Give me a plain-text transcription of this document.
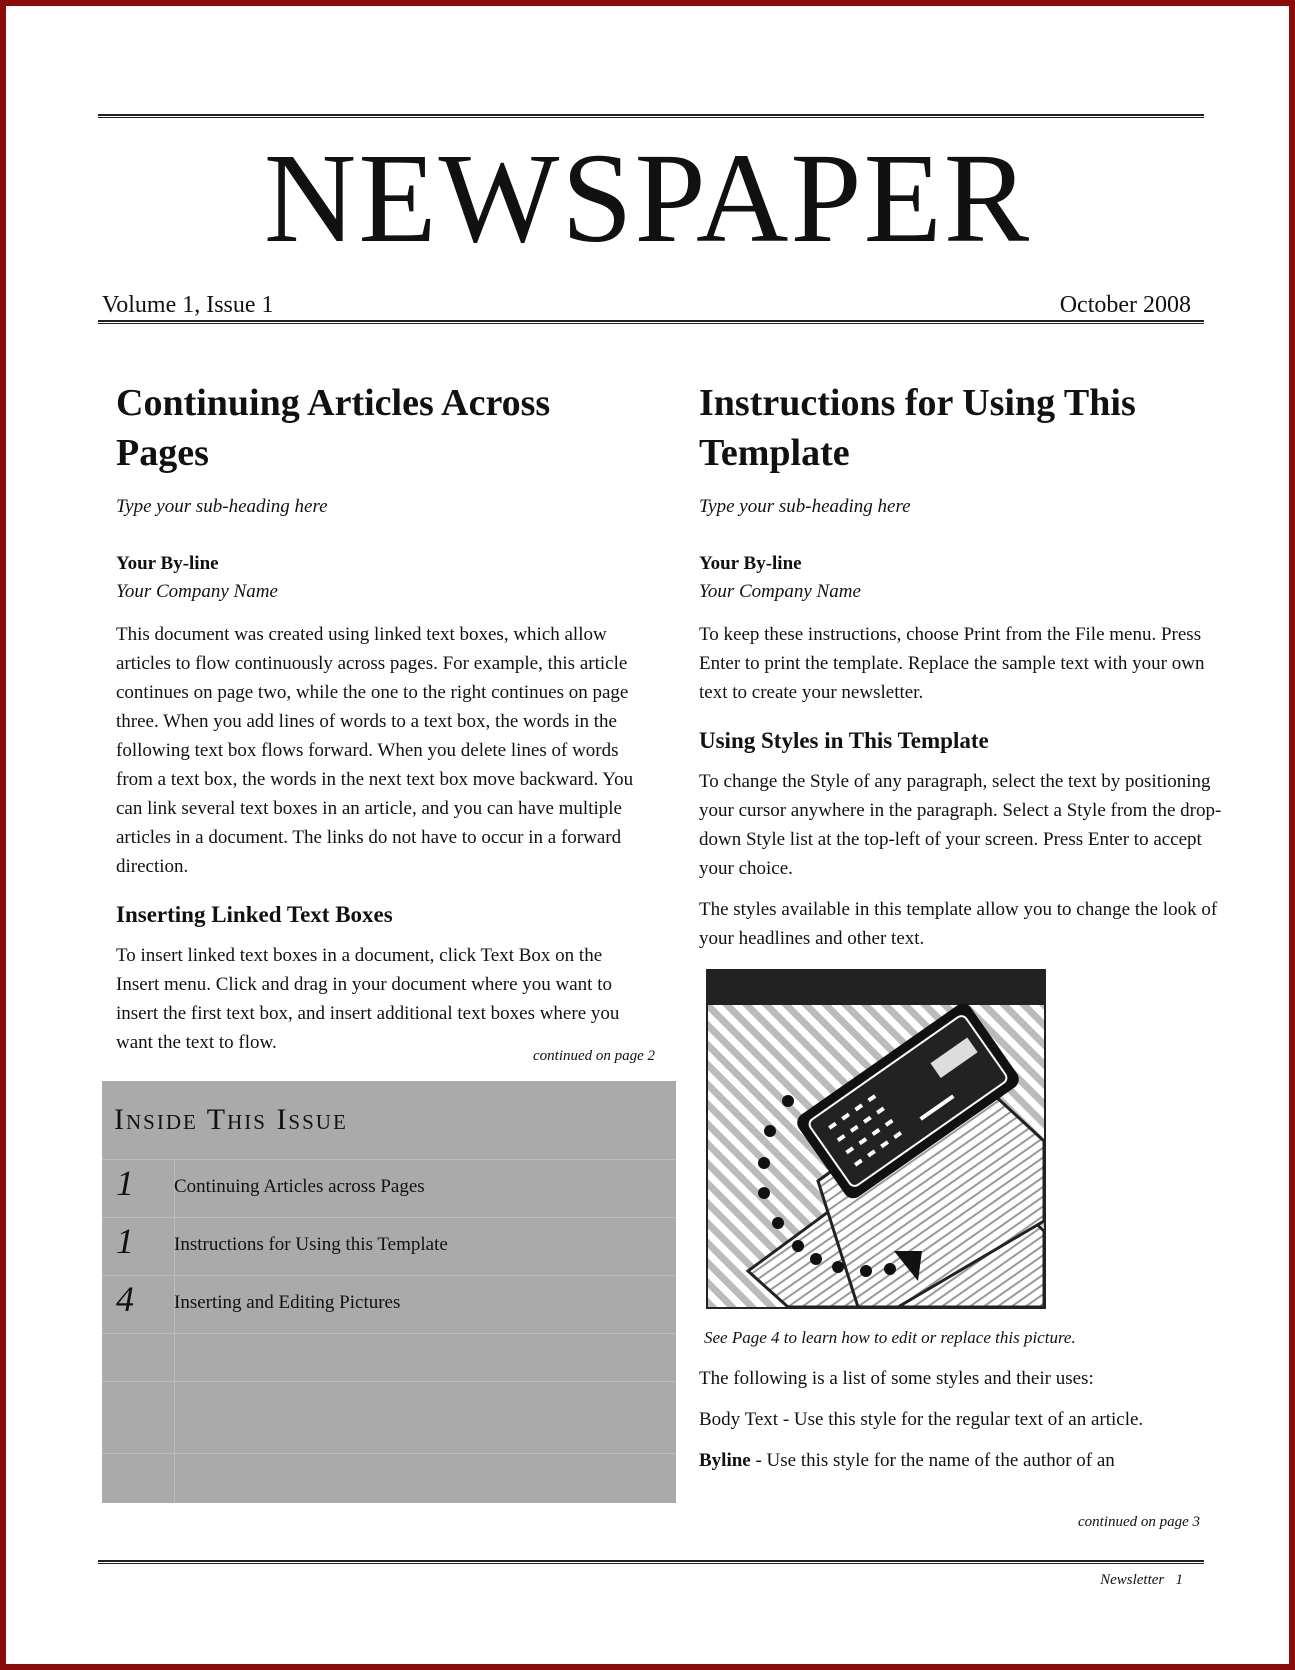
NEWSPAPER
Volume 1, Issue 1	October 2008
Continuing Articles Across Pages
Type your sub-heading here
Your By-line
Your Company Name

This document was created using linked text boxes, which allow articles to flow continuously across pages. For example, this article continues on page two, while the one to the right continues on page three. When you add lines of words to a text box, the words in the following text box flows forward. When you delete lines of words from a text box, the words in the next text box move backward. You can link several text boxes in an article, and you can have multiple articles in a document. The links do not have to occur in a forward direction.

Inserting Linked Text Boxes

To insert linked text boxes in a document, click Text Box on the Insert menu. Click and drag in your document where you want to insert the first text box, and insert additional text boxes where you want the text to flow.

continued on page 2
Inside This Issue
1 Continuing Articles across Pages
1 Instructions for Using this Template
4 Inserting and Editing Pictures
Instructions for Using This Template
Type your sub-heading here
Your By-line
Your Company Name

To keep these instructions, choose Print from the File menu. Press Enter to print the template. Replace the sample text with your own text to create your newsletter.

Using Styles in This Template

To change the Style of any paragraph, select the text by positioning your cursor anywhere in the paragraph. Select a Style from the drop-down Style list at the top-left of your screen. Press Enter to accept your choice.

The styles available in this template allow you to change the look of your headlines and other text.

See Page 4 to learn how to edit or replace this picture.

The following is a list of some styles and their uses:

Body Text - Use this style for the regular text of an article.

Byline - Use this style for the name of the author of an

continued on page 3
Newsletter   1
